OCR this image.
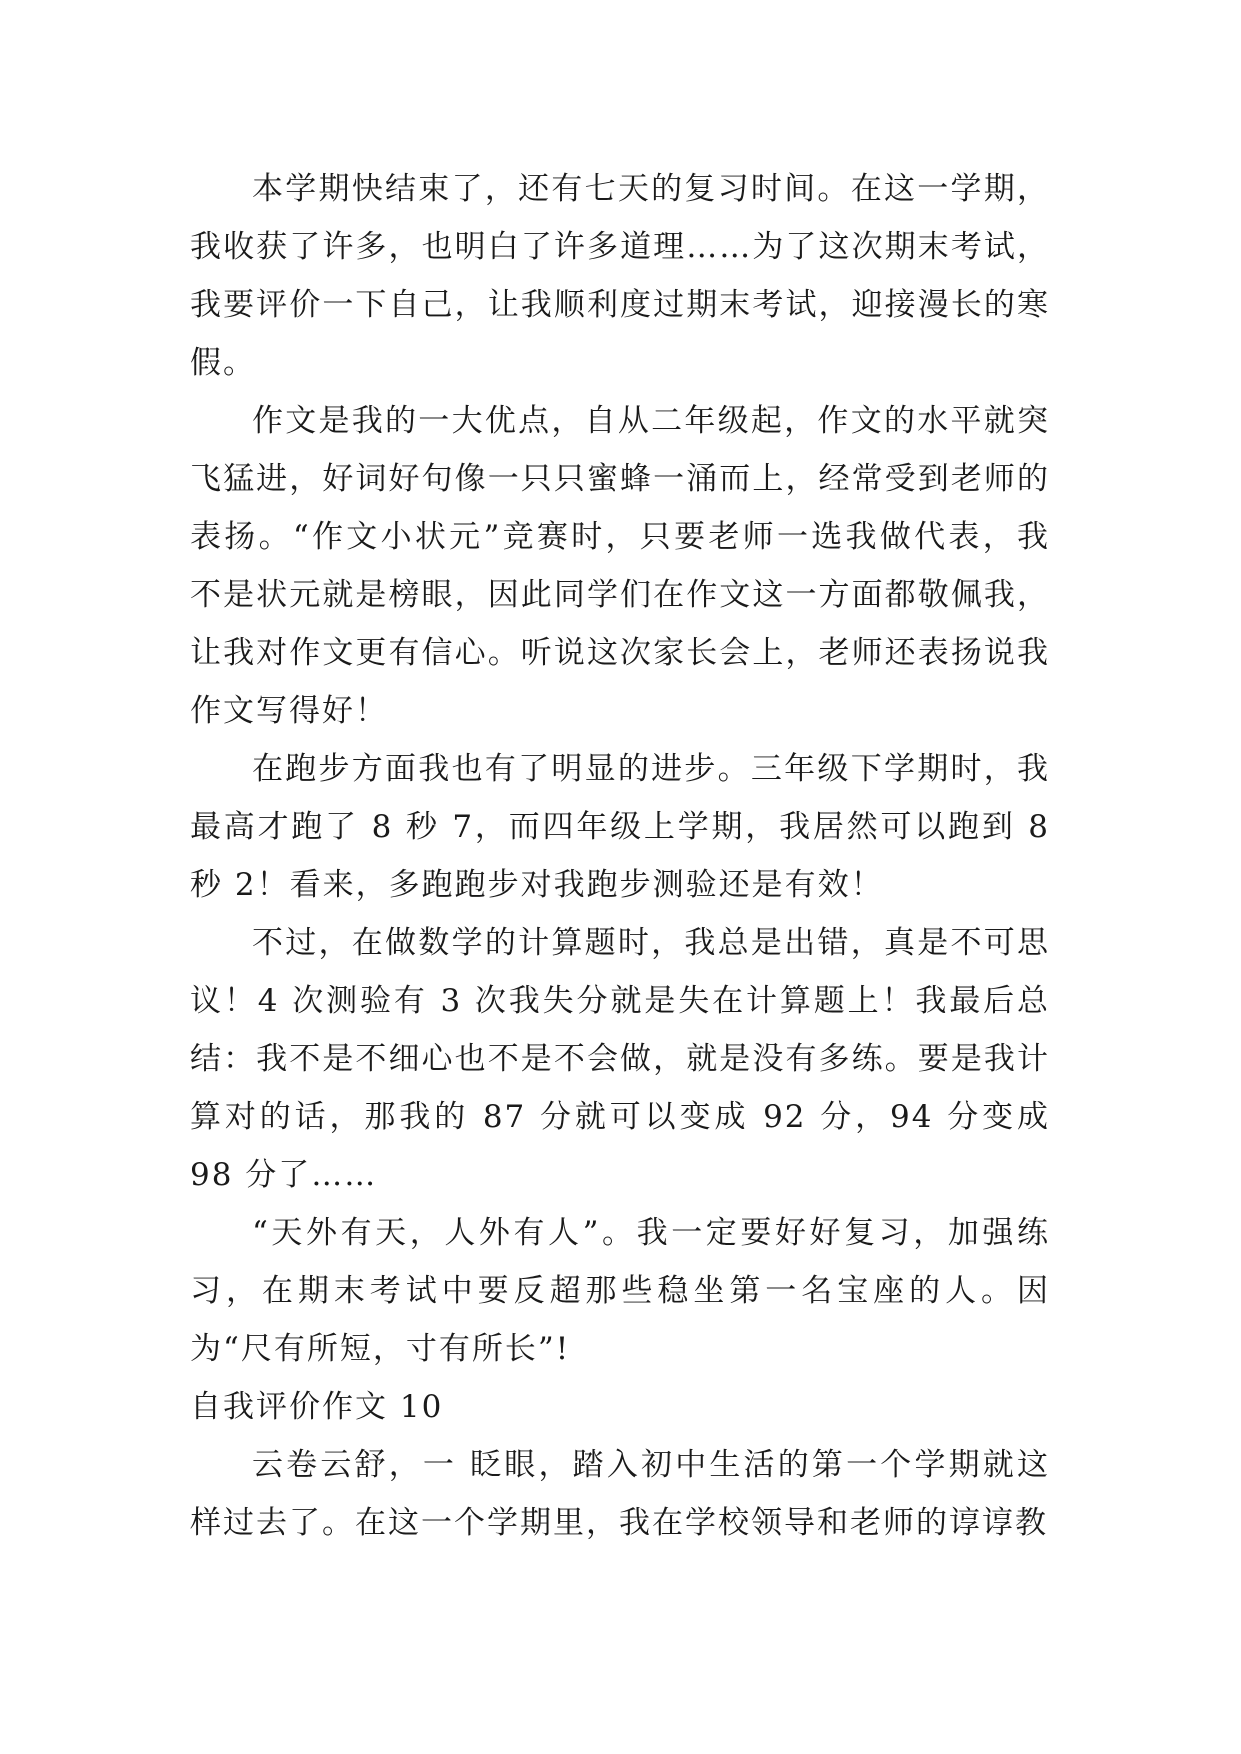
本学期快结束了，还有七天的复习时间。在这一学期，我收获了许多，也明白了许多道理……为了这次期末考试，我要评价一下自己，让我顺利度过期末考试，迎接漫长的寒假。

作文是我的一大优点，自从二年级起，作文的水平就突飞猛进，好词好句像一只只蜜蜂一涌而上，经常受到老师的表扬。“作文小状元”竞赛时，只要老师一选我做代表，我不是状元就是榜眼，因此同学们在作文这一方面都敬佩我，让我对作文更有信心。听说这次家长会上，老师还表扬说我作文写得好！

在跑步方面我也有了明显的进步。三年级下学期时，我最高才跑了 8 秒 7，而四年级上学期，我居然可以跑到 8 秒 2！看来，多跑跑步对我跑步测验还是有效！

不过，在做数学的计算题时，我总是出错，真是不可思议！4 次测验有 3 次我失分就是失在计算题上！我最后总结：我不是不细心也不是不会做，就是没有多练。要是我计算对的话，那我的 87 分就可以变成 92 分，94 分变成 98 分了……

“天外有天，人外有人”。我一定要好好复习，加强练习，在期末考试中要反超那些稳坐第一名宝座的人。因为“尺有所短，寸有所长”!

自我评价作文 10

云卷云舒，一 眨眼，踏入初中生活的第一个学期就这样过去了。在这一个学期里，我在学校领导和老师的谆谆教
